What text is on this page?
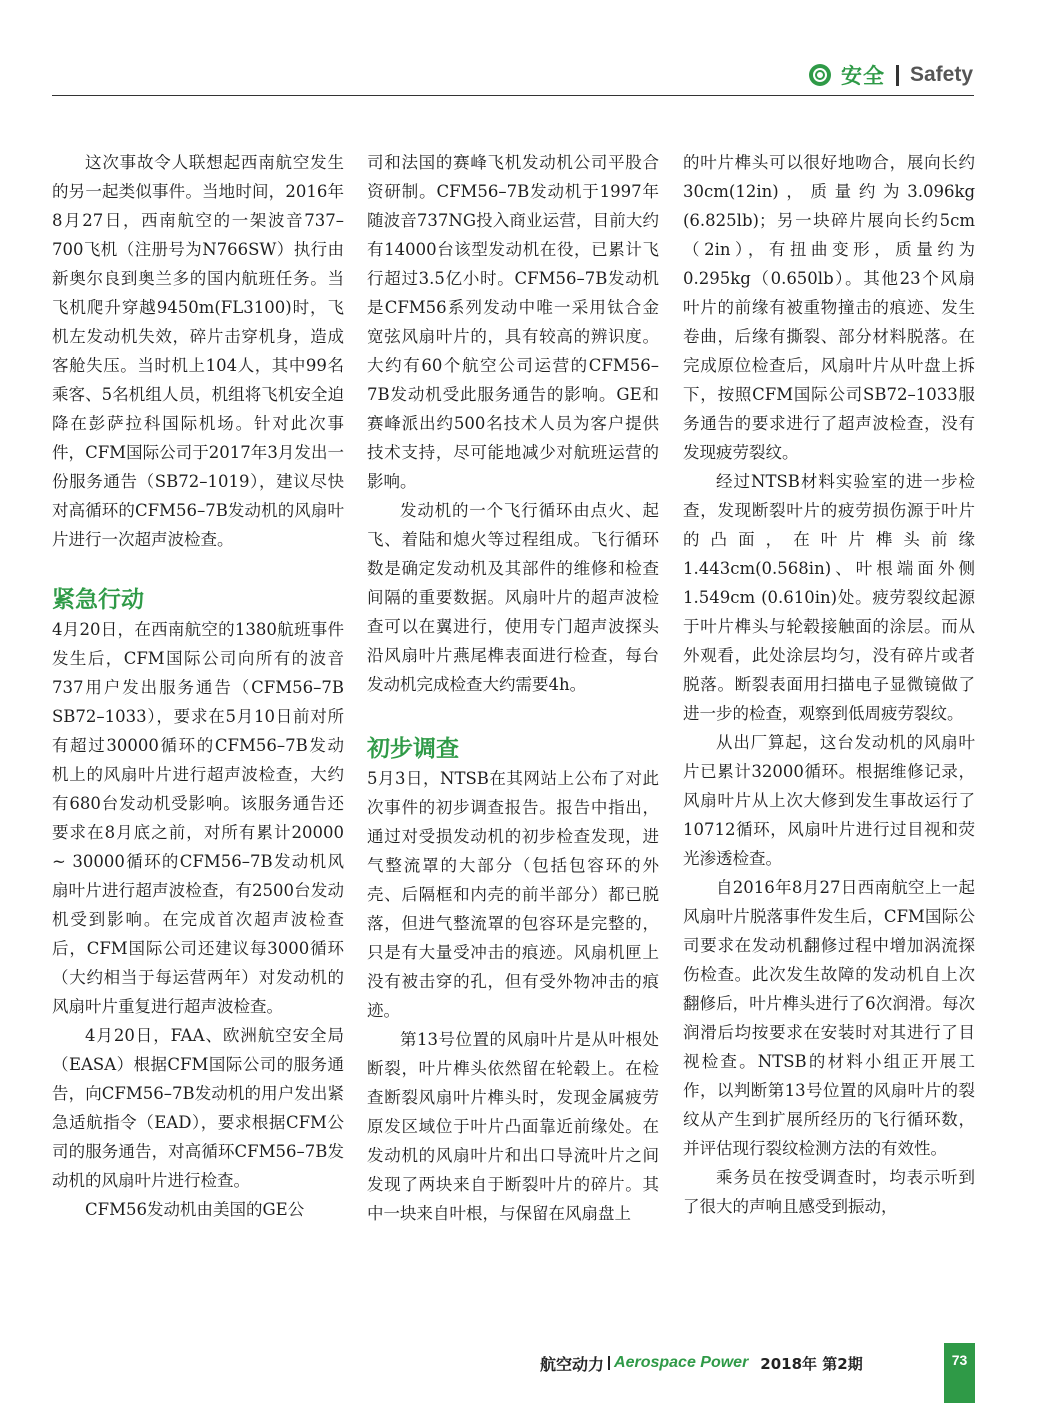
安全 Safety

这次事故令人联想起西南航空发生的另一起类似事件。当地时间，2016年8月27日，西南航空的一架波音737–700飞机（注册号为N766SW）执行由新奥尔良到奥兰多的国内航班任务。当飞机爬升穿越9450m(FL3100)时，飞机左发动机失效，碎片击穿机身，造成客舱失压。当时机上104人，其中99名乘客、5名机组人员，机组将飞机安全迫降在彭萨拉科国际机场。针对此次事件，CFM国际公司于2017年3月发出一份服务通告（SB72–1019），建议尽快对高循环的CFM56–7B发动机的风扇叶片进行一次超声波检查。

紧急行动

4月20日，在西南航空的1380航班事件发生后，CFM国际公司向所有的波音737用户发出服务通告（CFM56–7B SB72–1033），要求在5月10日前对所有超过30000循环的CFM56–7B发动机上的风扇叶片进行超声波检查，大约有680台发动机受影响。该服务通告还要求在8月底之前，对所有累计20000 ~ 30000循环的CFM56–7B发动机风扇叶片进行超声波检查，有2500台发动机受到影响。在完成首次超声波检查后，CFM国际公司还建议每3000循环（大约相当于每运营两年）对发动机的风扇叶片重复进行超声波检查。

4月20日，FAA、欧洲航空安全局（EASA）根据CFM国际公司的服务通告，向CFM56–7B发动机的用户发出紧急适航指令（EAD），要求根据CFM公司的服务通告，对高循环CFM56–7B发动机的风扇叶片进行检查。

CFM56发动机由美国的GE公

司和法国的赛峰飞机发动机公司平股合资研制。CFM56–7B发动机于1997年随波音737NG投入商业运营，目前大约有14000台该型发动机在役，已累计飞行超过3.5亿小时。CFM56–7B发动机是CFM56系列发动中唯一采用钛合金宽弦风扇叶片的，具有较高的辨识度。大约有60个航空公司运营的CFM56–7B发动机受此服务通告的影响。GE和赛峰派出约500名技术人员为客户提供技术支持，尽可能地减少对航班运营的影响。

发动机的一个飞行循环由点火、起飞、着陆和熄火等过程组成。飞行循环数是确定发动机及其部件的维修和检查间隔的重要数据。风扇叶片的超声波检查可以在翼进行，使用专门超声波探头沿风扇叶片燕尾榫表面进行检查，每台发动机完成检查大约需要4h。

初步调查

5月3日，NTSB在其网站上公布了对此次事件的初步调查报告。报告中指出，通过对受损发动机的初步检查发现，进气整流罩的大部分（包括包容环的外壳、后隔框和内壳的前半部分）都已脱落，但进气整流罩的包容环是完整的，只是有大量受冲击的痕迹。风扇机匣上没有被击穿的孔，但有受外物冲击的痕迹。

第13号位置的风扇叶片是从叶根处断裂，叶片榫头依然留在轮毂上。在检查断裂风扇叶片榫头时，发现金属疲劳原发区域位于叶片凸面靠近前缘处。在发动机的风扇叶片和出口导流叶片之间发现了两块来自于断裂叶片的碎片。其中一块来自叶根，与保留在风扇盘上

的叶片榫头可以很好地吻合，展向长约30cm(12in)，质量约为3.096kg (6.825lb)；另一块碎片展向长约5cm（2in），有扭曲变形，质量约为0.295kg（0.650lb）。其他23个风扇叶片的前缘有被重物撞击的痕迹、发生卷曲，后缘有撕裂、部分材料脱落。在完成原位检查后，风扇叶片从叶盘上拆下，按照CFM国际公司SB72–1033服务通告的要求进行了超声波检查，没有发现疲劳裂纹。

经过NTSB材料实验室的进一步检查，发现断裂叶片的疲劳损伤源于叶片的凸面，在叶片榫头前缘1.443cm(0.568in)、叶根端面外侧1.549cm (0.610in)处。疲劳裂纹起源于叶片榫头与轮毂接触面的涂层。而从外观看，此处涂层均匀，没有碎片或者脱落。断裂表面用扫描电子显微镜做了进一步的检查，观察到低周疲劳裂纹。

从出厂算起，这台发动机的风扇叶片已累计32000循环。根据维修记录，风扇叶片从上次大修到发生事故运行了10712循环，风扇叶片进行过目视和荧光渗透检查。

自2016年8月27日西南航空上一起风扇叶片脱落事件发生后，CFM国际公司要求在发动机翻修过程中增加涡流探伤检查。此次发生故障的发动机自上次翻修后，叶片榫头进行了6次润滑。每次润滑后均按要求在安装时对其进行了目视检查。NTSB的材料小组正开展工作，以判断第13号位置的风扇叶片的裂纹从产生到扩展所经历的飞行循环数，并评估现行裂纹检测方法的有效性。

乘务员在按受调查时，均表示听到了很大的声响且感受到振动，

航空动力 Aerospace Power 2018年 第2期	73
